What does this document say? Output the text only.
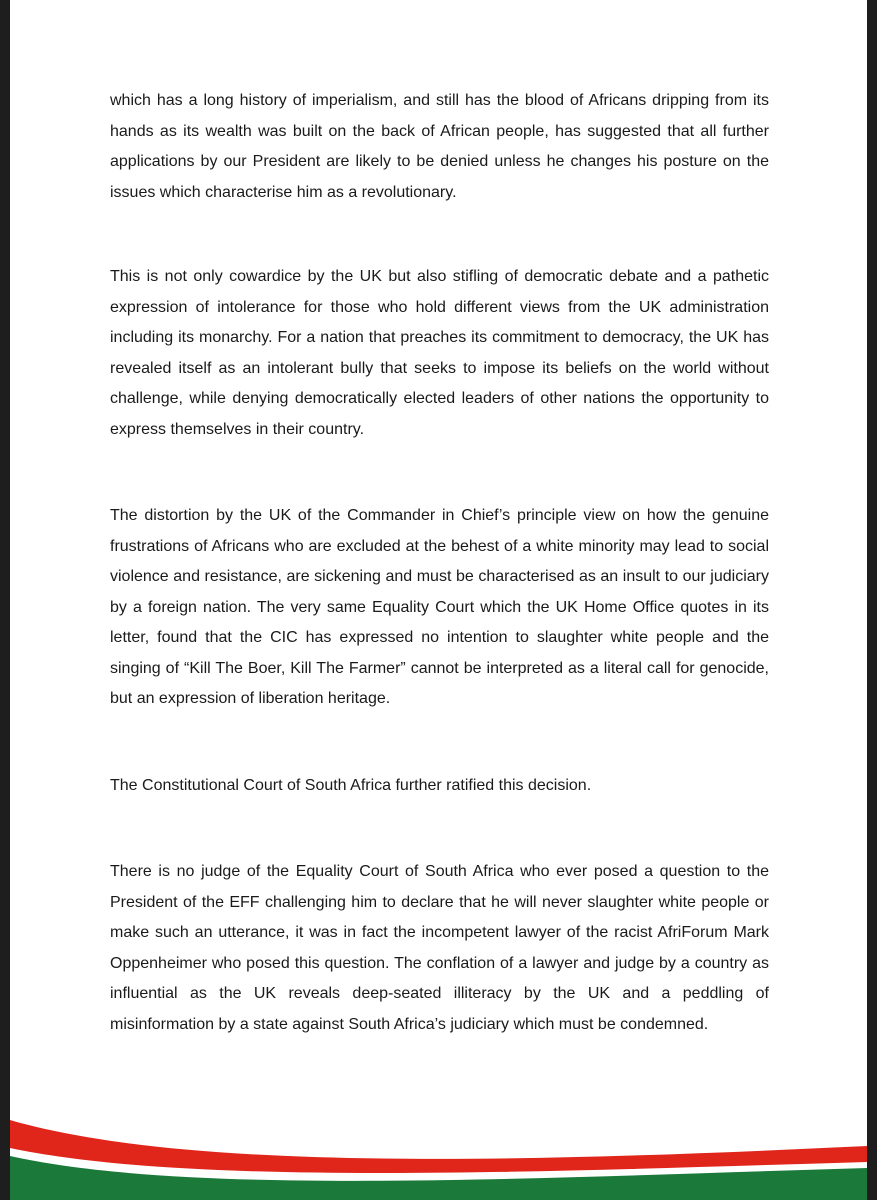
which has a long history of imperialism, and still has the blood of Africans dripping from its hands as its wealth was built on the back of African people, has suggested that all further applications by our President are likely to be denied unless he changes his posture on the issues which characterise him as a revolutionary.

This is not only cowardice by the UK but also stifling of democratic debate and a pathetic expression of intolerance for those who hold different views from the UK administration including its monarchy. For a nation that preaches its commitment to democracy, the UK has revealed itself as an intolerant bully that seeks to impose its beliefs on the world without challenge, while denying democratically elected leaders of other nations the opportunity to express themselves in their country.

The distortion by the UK of the Commander in Chief’s principle view on how the genuine frustrations of Africans who are excluded at the behest of a white minority may lead to social violence and resistance, are sickening and must be characterised as an insult to our judiciary by a foreign nation. The very same Equality Court which the UK Home Office quotes in its letter, found that the CIC has expressed no intention to slaughter white people and the singing of “Kill The Boer, Kill The Farmer” cannot be interpreted as a literal call for genocide, but an expression of liberation heritage.

The Constitutional Court of South Africa further ratified this decision.

There is no judge of the Equality Court of South Africa who ever posed a question to the President of the EFF challenging him to declare that he will never slaughter white people or make such an utterance, it was in fact the incompetent lawyer of the racist AfriForum Mark Oppenheimer who posed this question. The conflation of a lawyer and judge by a country as influential as the UK reveals deep-seated illiteracy by the UK and a peddling of misinformation by a state against South Africa’s judiciary which must be condemned.
